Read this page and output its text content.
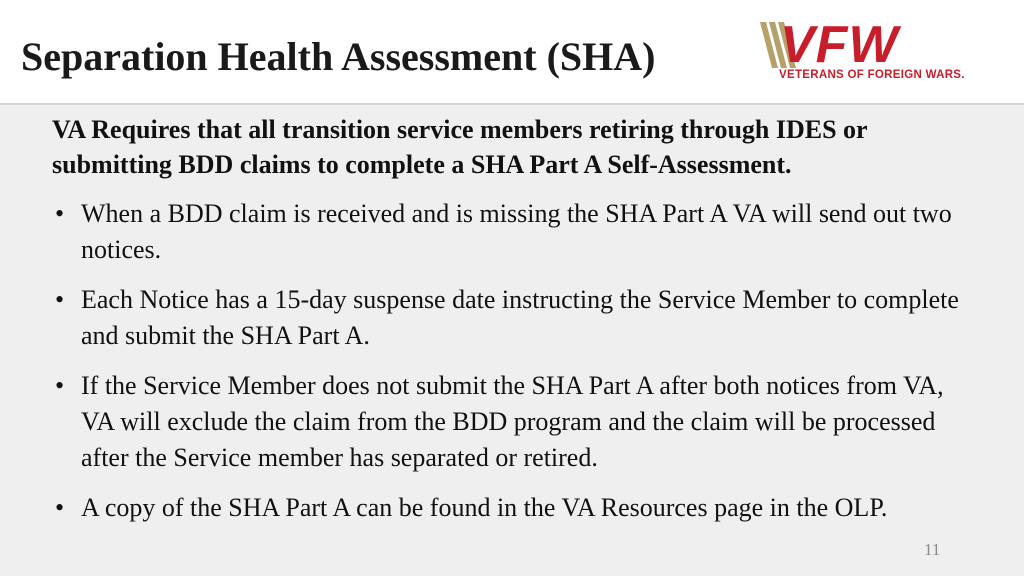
Separation Health Assessment (SHA) VFW
VETERANS OF FOREIGN WARS.

VA Requires that all transition service members retiring through IDES or submitting BDD claims to complete a SHA Part A Self-Assessment.

• When a BDD claim is received and is missing the SHA Part A VA will send out two notices.
• Each Notice has a 15-day suspense date instructing the Service Member to complete and submit the SHA Part A.
• If the Service Member does not submit the SHA Part A after both notices from VA, VA will exclude the claim from the BDD program and the claim will be processed after the Service member has separated or retired.
• A copy of the SHA Part A can be found in the VA Resources page in the OLP.
11
